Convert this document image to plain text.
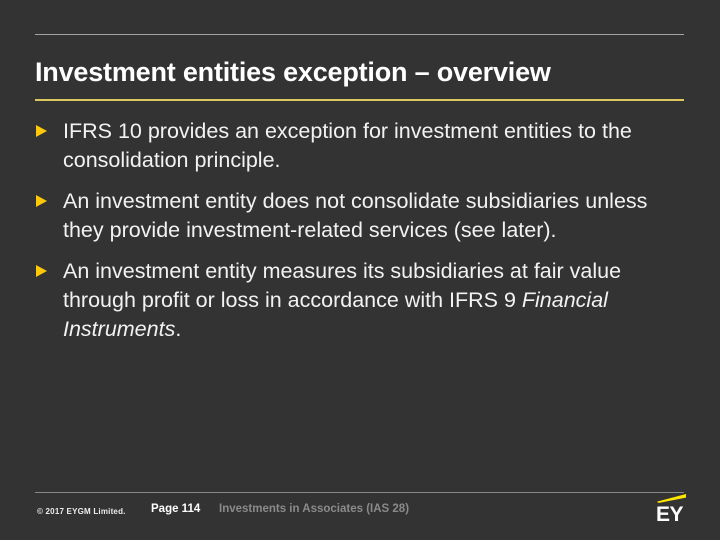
Investment entities exception – overview
IFRS 10 provides an exception for investment entities to the consolidation principle.
An investment entity does not consolidate subsidiaries unless they provide investment-related services (see later).
An investment entity measures its subsidiaries at fair value through profit or loss in accordance with IFRS 9 Financial Instruments.
© 2017 EYGM Limited. Page 114 Investments in Associates (IAS 28)	EY
